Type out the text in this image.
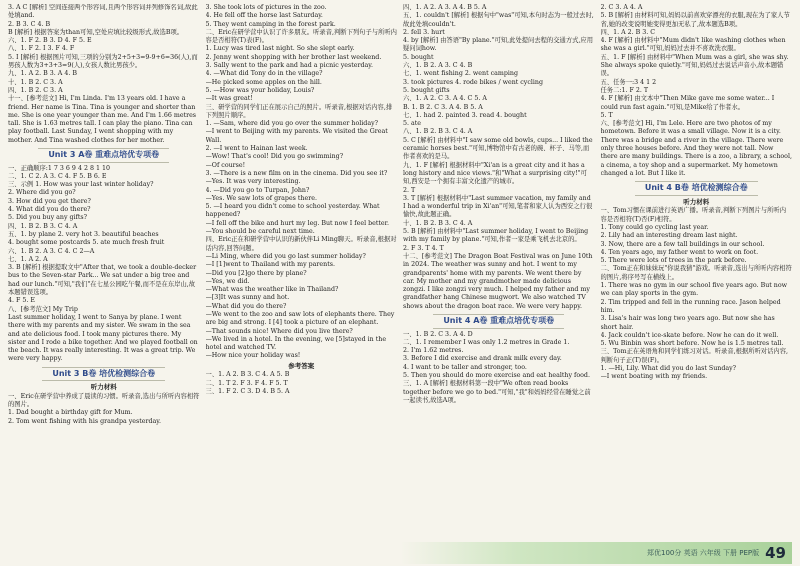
3. A C [解析] 空间连接两个形容词,且两个形容词并列修饰名词,故此处填and.

2. B 3. C 4. B

B [解析] 根据答案为than可知,空处应填比较级形式,故选B项。

六、1. F 2. B 3. D 4. F 5. E

八、1. F 2. I 3. F 4. F

5. I [解析] 根据图片可知,三项的分别为2+5+3=9-9+6=36(人),而男孩人数为3+3+3=9(人),女孩人数比男孩少。

九、1. A 2. B 3. A 4. B

十、1. B 2. C 3. A

四、1. B 2. C 3. A

十一、[参考范文] Hi, I'm Linda. I'm 13 years old. I have a friend. Her name is Tina. Tina is younger and shorter than me. She is one year younger than me. And I'm 1.66 metres tall. She is 1.63 metres tall. I can play the piano. Tina can play football. Last Sunday, I went shopping with my mother. And Tina washed clothes for her mother.

Unit 3 A卷 重难点培优专项卷

一、正确顺序:1 7 3 6 9 4 2 8 1 10

二、1. C 2. A 3. C 4. F 5. B 6. E

三、示例 1. How was your last winter holiday?

2. Where did you go?

3. How did you get there?

4. What did you do there?

5. Did you buy any gifts?

四、1. B 2. B 3. C 4. A

五、1. by plane 2. very hot 3. beautiful beaches

4. bought some postcards 5. ate much fresh fruit

六、1. B 2. A 3. C 4. C 2—A

七、1. A 2. A

3. B [解析] 根据提取文中"After that, we took a double-decker bus to the Seven-star Park... We sat under a big tree and had our lunch."可知,"我们"在七星公园吃午餐,而不是在东岸山,故本题错误选项。

4. F 5. E

八、[参考范文] My Trip

Last summer holiday, I went to Sanya by plane. I went there with my parents and my sister. We swam in the sea and ate delicious food. I took many pictures there. My sister and I rode a bike together. And we played football on the beach. It was really interesting. It was a great trip. We were very happy.

Unit 3 B卷 培优检测综合卷
听力材料

一、Eric在研学营中养成了晨读的习惯。听录音,选出与所听内容相符的图片。

1. Dad bought a birthday gift for Mum.

2. Tom went fishing with his grandpa yesterday.

3. She took lots of pictures in the zoo.

4. He fell off the horse last Saturday.

5. They went camping in the forest park.

二、Eric在研学营中认识了许多朋友。听录音,判断下列句子与所听内容是否相符(T)表(F)。

1. Lucy was tired last night. So she slept early.

2. Jenny went shopping with her brother last weekend.

3. Sally went to the park and had a picnic yesterday.

4. —What did Tony do in the village?

—He picked some apples on the hill.

5. —How was your holiday, Louis?

—It was great!

三、研学营的同学们正在展示自己的照片。听录音,根据对话内容,排下列照片顺序。

1. —Sam, where did you go over the summer holiday?

—I went to Beijing with my parents. We visited the Great Wall.

2. —I went to Hainan last week.

—Wow! That's cool! Did you go swimming?

—Of course!

3. —There is a new film on in the cinema. Did you see it?

—Yes. It was very interesting.

4. —Did you go to Turpan, John?

—Yes. We saw lots of grapes there.

5. —I heard you didn't come to school yesterday. What happened?

—I fell off the bike and hurt my leg. But now I feel better.

—You should be careful next time.

四、Eric正在和研学营中认识的新伙伴Li Ming聊天。听录音,根据对话内容,回答问题。

—Li Ming, where did you go last summer holiday?

—I [1]went to Thailand with my parents.

—Did you [2]go there by plane?

—Yes, we did.

—What was the weather like in Thailand?

—[3]It was sunny and hot.

—What did you do there?

—We went to the zoo and saw lots of elephants there. They are big and strong. I [4] took a picture of an elephant.

—That sounds nice! Where did you live there?

—We lived in a hotel. In the evening, we [5]stayed in the hotel and watched TV.

—How nice your holiday was!

参考答案

一、1. A 2. B 3. C 4. A 5. B

二、1. T 2. F 3. F 4. F 5. T

三、1. F 2. C 3. D 4. B 5. A

四、1. A 2. A 3. A 4. B 5. A

五、1. couldn't [解析] 根据句中"was"可知,本句时态为一般过去时,故此处填couldn't.

2. fell 3. hurt

4. by [解析] 由答语"By plane."可知,此处提问去程的交通方式,应用疑问词how.

5. bought

六、1. B 2. A 3. C 4. B

七、1. went fishing 2. went camping

3. took pictures 4. rode bikes / went cycling

5. bought gifts

六、1. A 2. C 3. A 4. C 5. A

B. 1. B 2. C 3. A 4. B 5. A

七、1. had 2. painted 3. read 4. bought

5. ate

八、1. B 2. B 3. C 4. A

5. C [解析] 由材料中"I saw some old bowls, cups... I liked the ceramic horses best."可知,博物馆中有古老的碗、杯子、马等,而作者喜欢的是马。

九、1. F [解析] 根据材料中"Xi'an is a great city and it has a long history and nice views."和"What a surprising city!"可知,西安是一个拥有丰富文化遗产的城市。

2. T

3. T [解析] 根据材料中"Last summer vacation, my family and I had a wonderful trip in Xi'an"可知,笔者和家人认为西安之行很愉快,故此题正确。

十、1. B 2. B 3. C 4. A

5. B [解析] 由材料中"Last summer holiday, I went to Beijing with my family by plane."可知,作者一家是乘飞机去北京的。

2. F 3. T 4. T

十二、[参考范文] The Dragon Boat Festival was on June 10th in 2024. The weather was sunny and hot. I went to my grandparents' home with my parents. We went there by car. My mother and my grandmother made delicious zongzi. I like zongzi very much. I helped my father and my grandfather hang Chinese mugwort. We also watched TV shows about the dragon boat race. We were very happy.

Unit 4 A卷 重难点培优专项卷

一、1. B 2. C 3. A 4. D

二、1. I remember I was only 1.2 metres in Grade 1.

2. I'm 1.62 metres.

3. Before I did exercise and drank milk every day.

4. I want to be taller and stronger, too.

5. Then you should do more exercise and eat healthy food.

三、1. A [解析] 根据材料第一段中"We often read books together before we go to bed."可知,"我"和妈妈经常在睡觉之前一起读书,故选A项。

2. C 3. A 4. A

5. B [解析] 由材料可知,妈妈以前喜欢穿漂亮的衣服,现在为了家人节省,她的改变说明她变得更加无私了,故本题选B项。

四、1. A 2. B 3. C

4. F [解析] 由材料中"Mum didn't like washing clothes when she was a girl."可知,妈妈过去并不喜欢洗衣服。

五、1. F [解析] 由材料中"When Mum was a girl, she was shy. She always spoke quietly."可知,妈妈过去说话声音小,故本题错误。

五、任务一:3 4 1 2

任务二:1. F 2. T

4. F [解析] 由文本中"Then Mike gave me some water... I could run fast again."可知,是Mike给了作者水。

5. T

六、[参考范文] Hi, I'm Lele. Here are two photos of my hometown. Before it was a small village. Now it is a city. There was a bridge and a river in the village. There were only three houses before. And they were not tall. Now there are many buildings. There is a zoo, a library, a school, a cinema, a toy shop and a supermarket. My hometown changed a lot. But I like it.

Unit 4 B卷 培优检测综合卷
听力材料

一、Tom习惯在课前进行英语广播。听录音,判断下列图片与所听内容是否相符(T)否(F)相符。

1. Tony could go cycling last year.

2. Lily had an interesting dream last night.

3. Now, there are a few tall buildings in our school.

4. Ten years ago, my father went to work on foot.

5. There were lots of trees in the park before.

二、Tom正在和妹妹玩"你说我猜"游戏。听录音,选出与所听内容相符的图片,将序号写在横线上。

1. There was no gym in our school five years ago. But now we can play sports in the gym.

2. Tim tripped and fell in the running race. Jason helped him.

3. Lisa's hair was long two years ago. But now she has short hair.

4. Jack couldn't ice-skate before. Now he can do it well.

5. Wu Binbin was short before. Now he is 1.5 metres tall.

三、Tom正在英语角和同学们练习对话。听录音,根据所听对话内容,判断句子正(T)误(F)。

1. —Hi, Lily. What did you do last Sunday?

—I went boating with my friends.

郑优100分 英语 六年级 下册 PEP版 49
